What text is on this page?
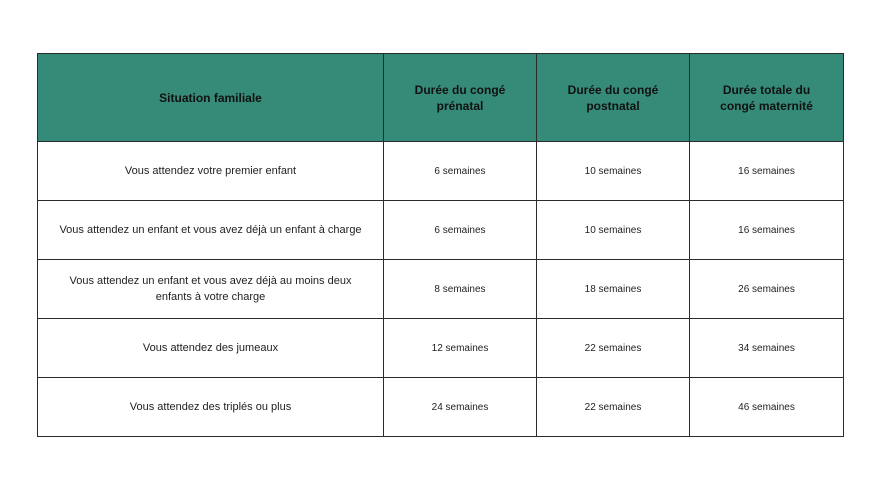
Situation familiale	Durée du congé prénatal	Durée du congé postnatal	Durée totale du congé maternité
Vous attendez votre premier enfant	6 semaines	10 semaines	16 semaines
Vous attendez un enfant et vous avez déjà un enfant à charge	6 semaines	10 semaines	16 semaines
Vous attendez un enfant et vous avez déjà au moins deux enfants à votre charge	8 semaines	18 semaines	26 semaines
Vous attendez des jumeaux	12 semaines	22 semaines	34 semaines
Vous attendez des triplés ou plus	24 semaines	22 semaines	46 semaines
